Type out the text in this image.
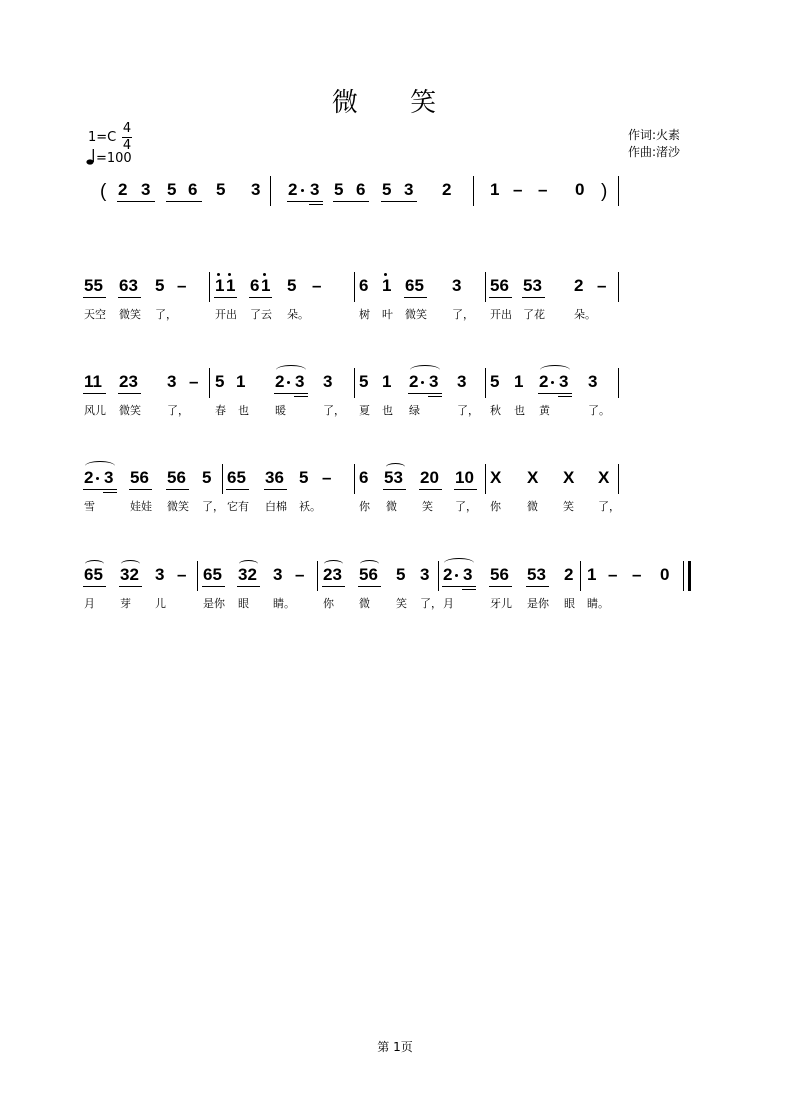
微 笑
1=C
4
4
=100
作词:火素
作曲:渚沙
( 2 3 5 6 5 3 2 3 5 6 5 3 2 1 – – 0 )
55 63 5 – 1 1 6 1 5 – 6 1 65 3 56 53 2 –
天空 微笑 了，	开出 了云 朵。	树 叶 微笑 了， 开出 了花	朵。
11 23 3 – 5 1 2 3 3 5 1 2 3 3 5 1 2 3 3
风儿 微笑 了， 春 也 暖	了， 夏 也 绿	了， 秋 也 黄	了。
2 3 56 56 5 65 36 5 – 6 53 20 10 X X X X
雪	娃娃 微笑 了， 它有 白棉 袄。	你 微 笑 了， 你 微 笑 了，
65 32 3 – 65 32 3 – 23 56 5 3 2 3 56 53 2 1 – – 0
月 芽 儿	是你 眼 睛。	你 微 笑 了， 月	牙儿 是你 眼 睛。
第 1页
